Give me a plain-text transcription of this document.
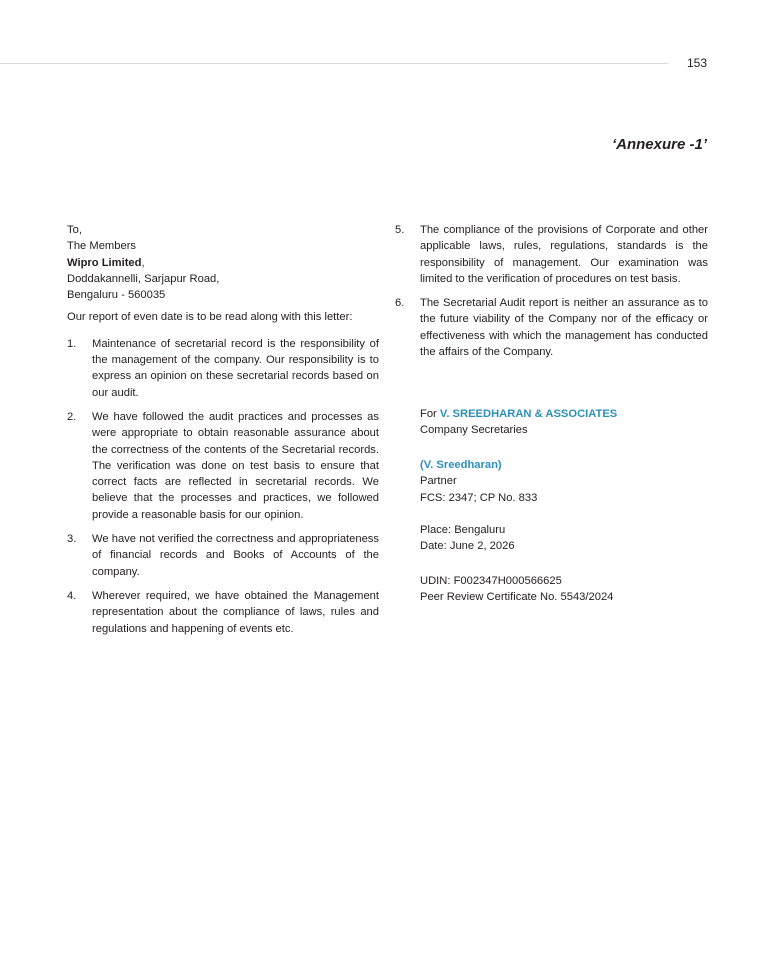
153
‘Annexure -1’
To,
The Members
Wipro Limited,
Doddakannelli, Sarjapur Road,
Bengaluru - 560035
Our report of even date is to be read along with this letter:
1.	Maintenance of secretarial record is the responsibility of the management of the company. Our responsibility is to express an opinion on these secretarial records based on our audit.
2.	We have followed the audit practices and processes as were appropriate to obtain reasonable assurance about the correctness of the contents of the Secretarial records. The verification was done on test basis to ensure that correct facts are reflected in secretarial records. We believe that the processes and practices, we followed provide a reasonable basis for our opinion.
3.	We have not verified the correctness and appropriateness of financial records and Books of Accounts of the company.
4.	Wherever required, we have obtained the Management representation about the compliance of laws, rules and regulations and happening of events etc.
5.	The compliance of the provisions of Corporate and other applicable laws, rules, regulations, standards is the responsibility of management. Our examination was limited to the verification of procedures on test basis.
6.	The Secretarial Audit report is neither an assurance as to the future viability of the Company nor of the efficacy or effectiveness with which the management has conducted the affairs of the Company.
For V. SREEDHARAN & ASSOCIATES
Company Secretaries
(V. Sreedharan)
Partner
FCS: 2347; CP No. 833
Place: Bengaluru
Date: June 2, 2026
UDIN: F002347H000566625
Peer Review Certificate No. 5543/2024
